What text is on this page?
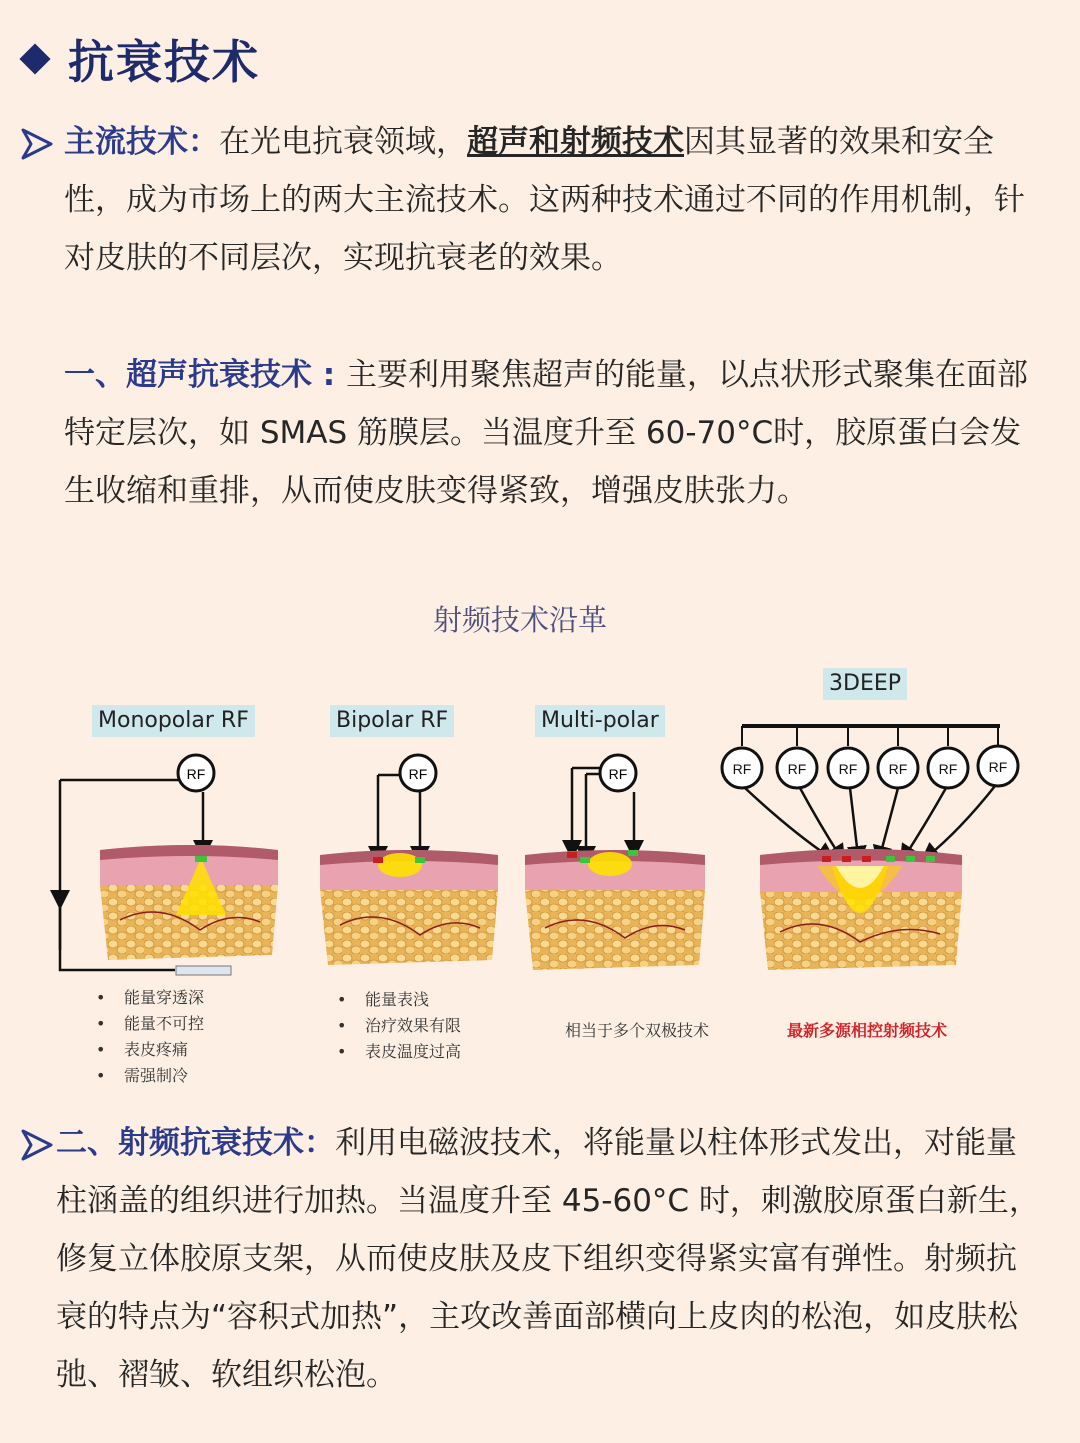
抗衰技术
主流技术：在光电抗衰领域，超声和射频技术因其显著的效果和安全性，成为市场上的两大主流技术。这两种技术通过不同的作用机制，针对皮肤的不同层次，实现抗衰老的效果。
一、超声抗衰技术 : 主要利用聚焦超声的能量，以点状形式聚集在面部特定层次，如 SMAS 筋膜层。当温度升至 60-70°C时，胶原蛋白会发生收缩和重排，从而使皮肤变得紧致，增强皮肤张力。
射频技术沿革
Monopolar RF	Bipolar RF	Multi-polar
3DEEP
RF	RF	RF	RF	RF RF RF RF RF
• 能量穿透深
• 能量不可控
• 表皮疼痛
• 需强制冷
• 能量表浅
• 治疗效果有限
• 表皮温度过高
相当于多个双极技术	最新多源相控射频技术
二、射频抗衰技术：利用电磁波技术，将能量以柱体形式发出，对能量柱涵盖的组织进行加热。当温度升至 45-60°C 时，刺激胶原蛋白新生，修复立体胶原支架，从而使皮肤及皮下组织变得紧实富有弹性。射频抗衰的特点为“容积式加热”，主攻改善面部横向上皮肉的松泡，如皮肤松弛、褶皱、软组织松泡。
